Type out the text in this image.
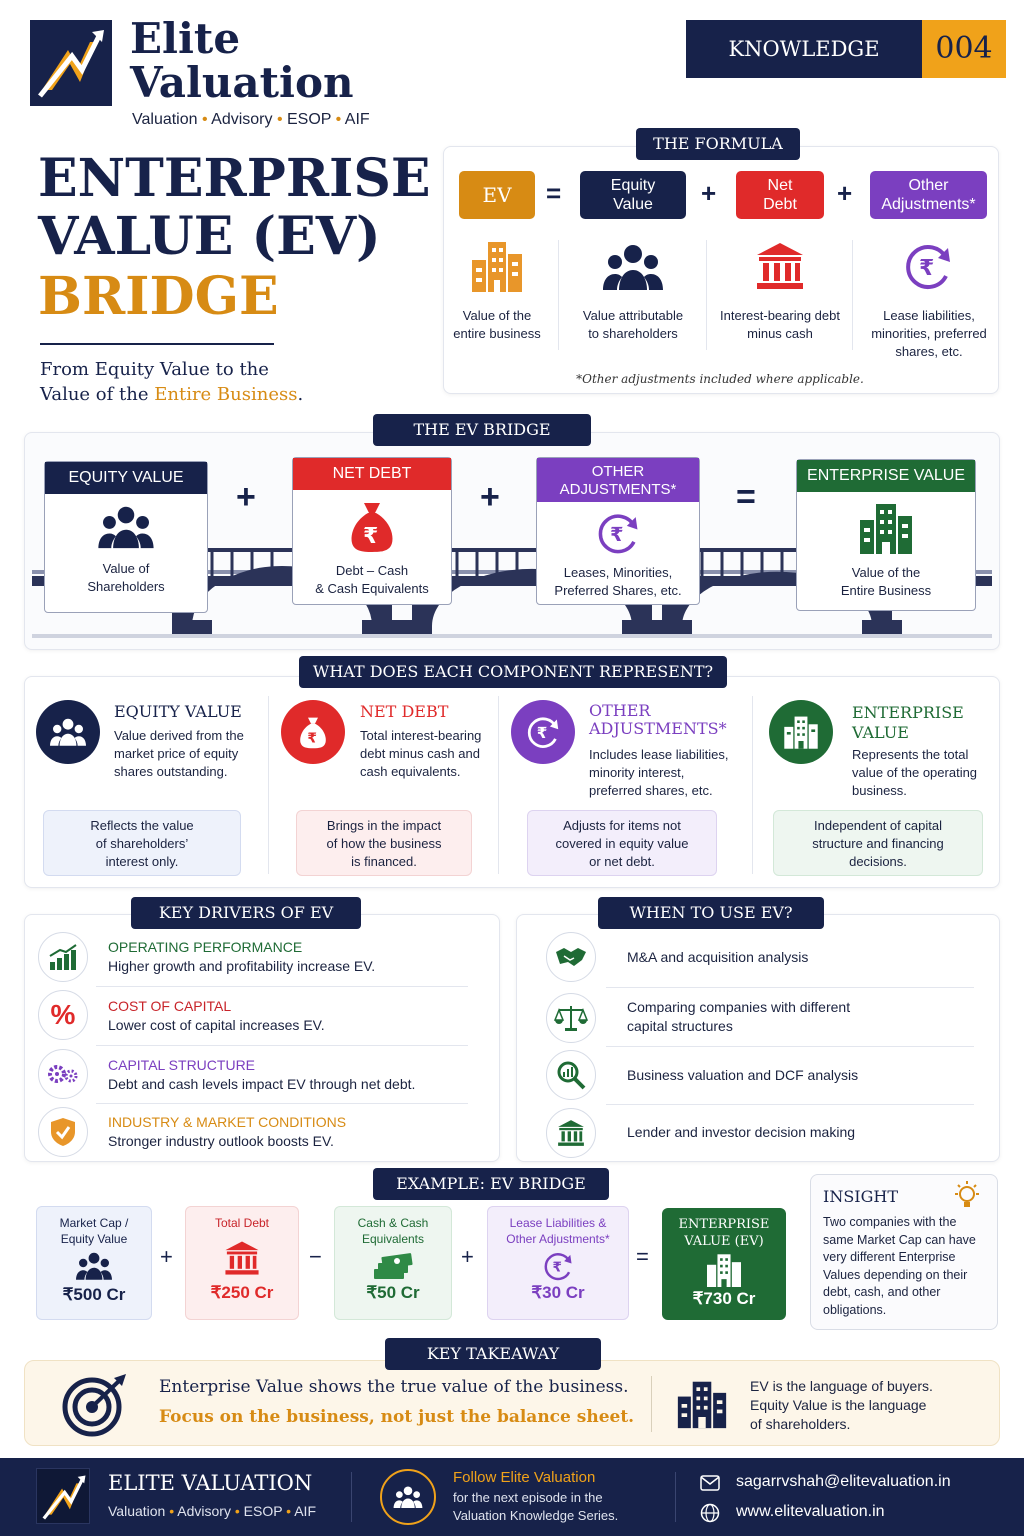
Elite
Valuation
Valuation • Advisory • ESOP • AIF
KNOWLEDGE SERIES
004
ENTERPRISE
VALUE (EV)
BRIDGE
From Equity Value to the
Value of the Entire Business.
THE FORMULA
EV	=	Equity
Value	+	Net
Debt	+	Other
Adjustments*
₹
Value of the
entire business
Value attributable
to shareholders
Interest-bearing debt
minus cash
Lease liabilities,
minorities, preferred
shares, etc.
*Other adjustments included where applicable.
THE EV BRIDGE
EQUITY VALUE
Value of
Shareholders
+
NET DEBT
₹
Debt – Cash
& Cash Equivalents
+
OTHER
ADJUSTMENTS*
₹
Leases, Minorities,
Preferred Shares, etc.
=
ENTERPRISE VALUE
Value of the
Entire Business
WHAT DOES EACH COMPONENT REPRESENT?
EQUITY VALUE
Value derived from the
market price of equity
shares outstanding.
Reflects the value
of shareholders’
interest only.
₹
NET DEBT
Total interest-bearing
debt minus cash and
cash equivalents.
Brings in the impact
of how the business
is financed.
₹
OTHER
ADJUSTMENTS*
Includes lease liabilities,
minority interest,
preferred shares, etc.
Adjusts for items not
covered in equity value
or net debt.
ENTERPRISE
VALUE
Represents the total
value of the operating
business.
Independent of capital
structure and financing
decisions.
KEY DRIVERS OF EV
OPERATING PERFORMANCE
Higher growth and profitability increase EV.
%	COST OF CAPITAL
Lower cost of capital increases EV.
CAPITAL STRUCTURE
Debt and cash levels impact EV through net debt.
INDUSTRY & MARKET CONDITIONS
Stronger industry outlook boosts EV.
WHEN TO USE EV?
M&A and acquisition analysis
Comparing companies with different
capital structures
Business valuation and DCF analysis
Lender and investor decision making
EXAMPLE: EV BRIDGE
Market Cap /
Equity Value
₹500 Cr
+
Total Debt
₹250 Cr
−
Cash & Cash
Equivalents
₹50 Cr
+
Lease Liabilities &
Other Adjustments*
₹
₹30 Cr
=
ENTERPRISE
VALUE (EV)
₹730 Cr
INSIGHT
Two companies with the
same Market Cap can have
very different Enterprise
Values depending on their
debt, cash, and other
obligations.
KEY TAKEAWAY
Enterprise Value shows the true value of the business.
Focus on the business, not just the balance sheet.
EV is the language of buyers.
Equity Value is the language
of shareholders.
ELITE VALUATION
Valuation • Advisory • ESOP • AIF
Follow Elite Valuation
for the next episode in the
Valuation Knowledge Series.
sagarrvshah@elitevaluation.in
www.elitevaluation.in
